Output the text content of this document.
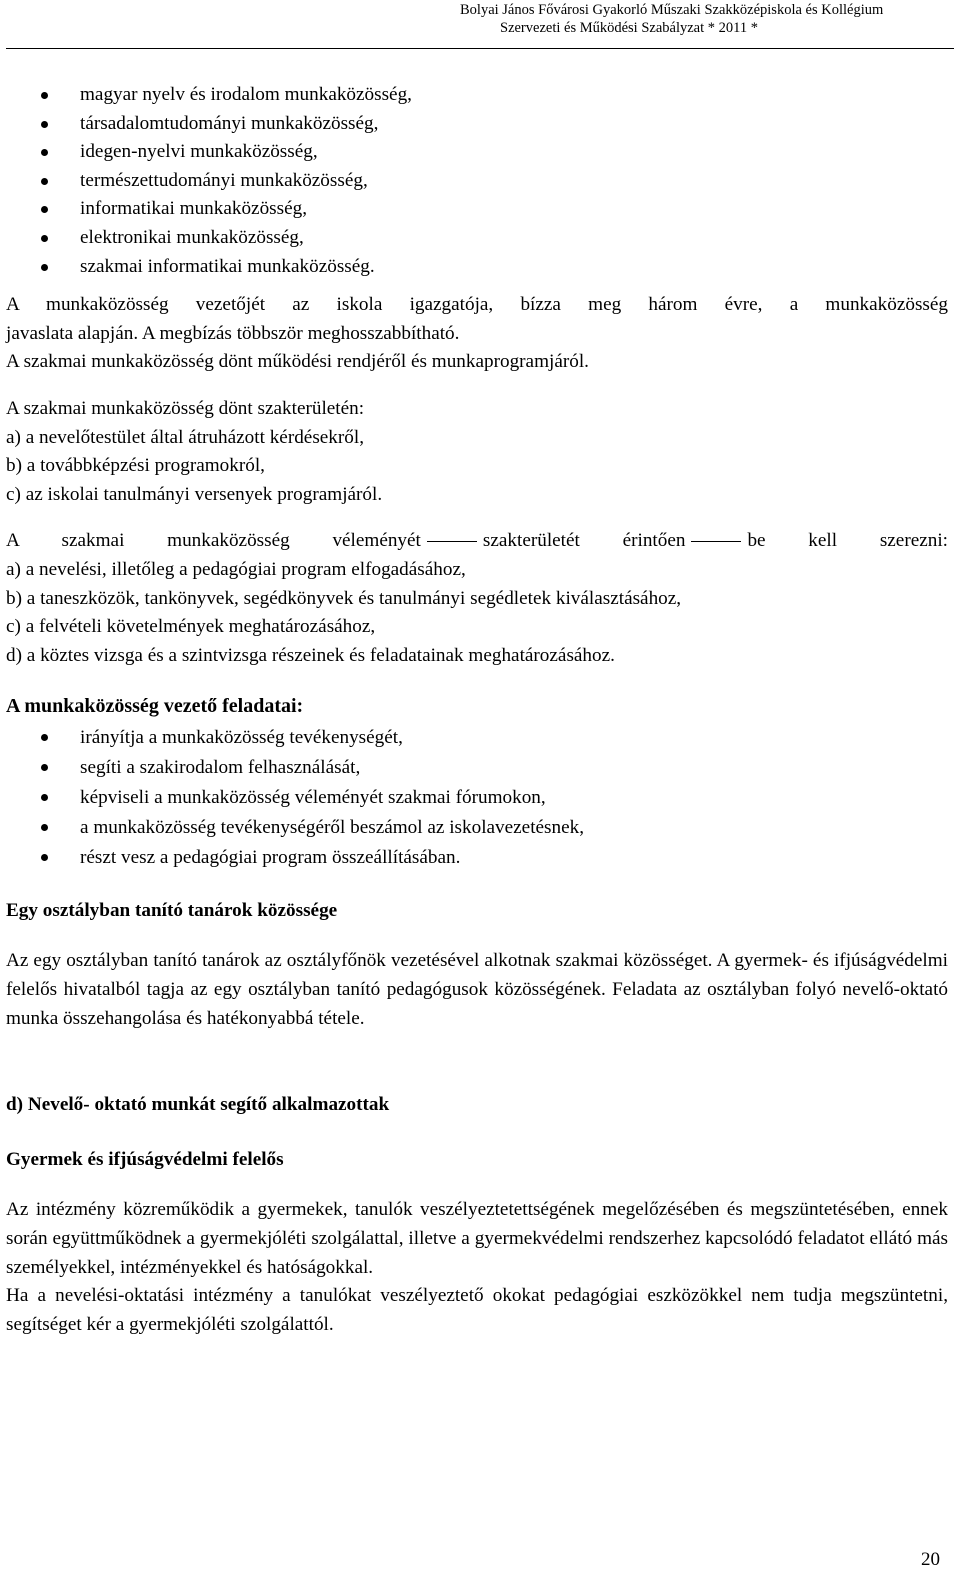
Bolyai János Fővárosi Gyakorló Műszaki Szakközépiskola és Kollégium
Szervezeti és Működési Szabályzat * 2011 *
magyar nyelv és irodalom munkaközösség,
társadalomtudományi munkaközösség,
idegen-nyelvi munkaközösség,
természettudományi munkaközösség,
informatikai munkaközösség,
elektronikai munkaközösség,
szakmai informatikai munkaközösség.

A munkaközösség vezetőjét az iskola igazgatója, bízza meg három évre, a munkaközösség

javaslata alapján. A megbízás többször meghosszabbítható.

A szakmai munkaközösség dönt működési rendjéről és munkaprogramjáról.

A szakmai munkaközösség dönt szakterületén:

a) a nevelőtestület által átruházott kérdésekről,

b) a továbbképzési programokról,

c) az iskolai tanulmányi versenyek programjáról.

A szakmai munkaközösség véleményét	szakterületét érintően	be kell szerezni:

a) a nevelési, illetőleg a pedagógiai program elfogadásához,

b) a taneszközök, tankönyvek, segédkönyvek és tanulmányi segédletek kiválasztásához,

c) a felvételi követelmények meghatározásához,

d) a köztes vizsga és a szintvizsga részeinek és feladatainak meghatározásához.

A munkaközösség vezető feladatai:

irányítja a munkaközösség tevékenységét,
segíti a szakirodalom felhasználását,
képviseli a munkaközösség véleményét szakmai fórumokon,
a munkaközösség tevékenységéről beszámol az iskolavezetésnek,
részt vesz a pedagógiai program összeállításában.

Egy osztályban tanító tanárok közössége

Az egy osztályban tanító tanárok az osztályfőnök vezetésével alkotnak szakmai közösséget. A gyermek- és ifjúságvédelmi felelős hivatalból tagja az egy osztályban tanító pedagógusok közösségének. Feladata az osztályban folyó nevelő-oktató munka összehangolása és hatékonyabbá tétele.

d) Nevelő- oktató munkát segítő alkalmazottak

Gyermek és ifjúságvédelmi felelős

Az intézmény közreműködik a gyermekek, tanulók veszélyeztetettségének megelőzésében és megszüntetésében, ennek során együttműködnek a gyermekjóléti szolgálattal, illetve a gyermekvédelmi rendszerhez kapcsolódó feladatot ellátó más személyekkel, intézményekkel és hatóságokkal.

Ha a nevelési-oktatási intézmény a tanulókat veszélyeztető okokat pedagógiai eszközökkel nem tudja megszüntetni, segítséget kér a gyermekjóléti szolgálattól.

20
